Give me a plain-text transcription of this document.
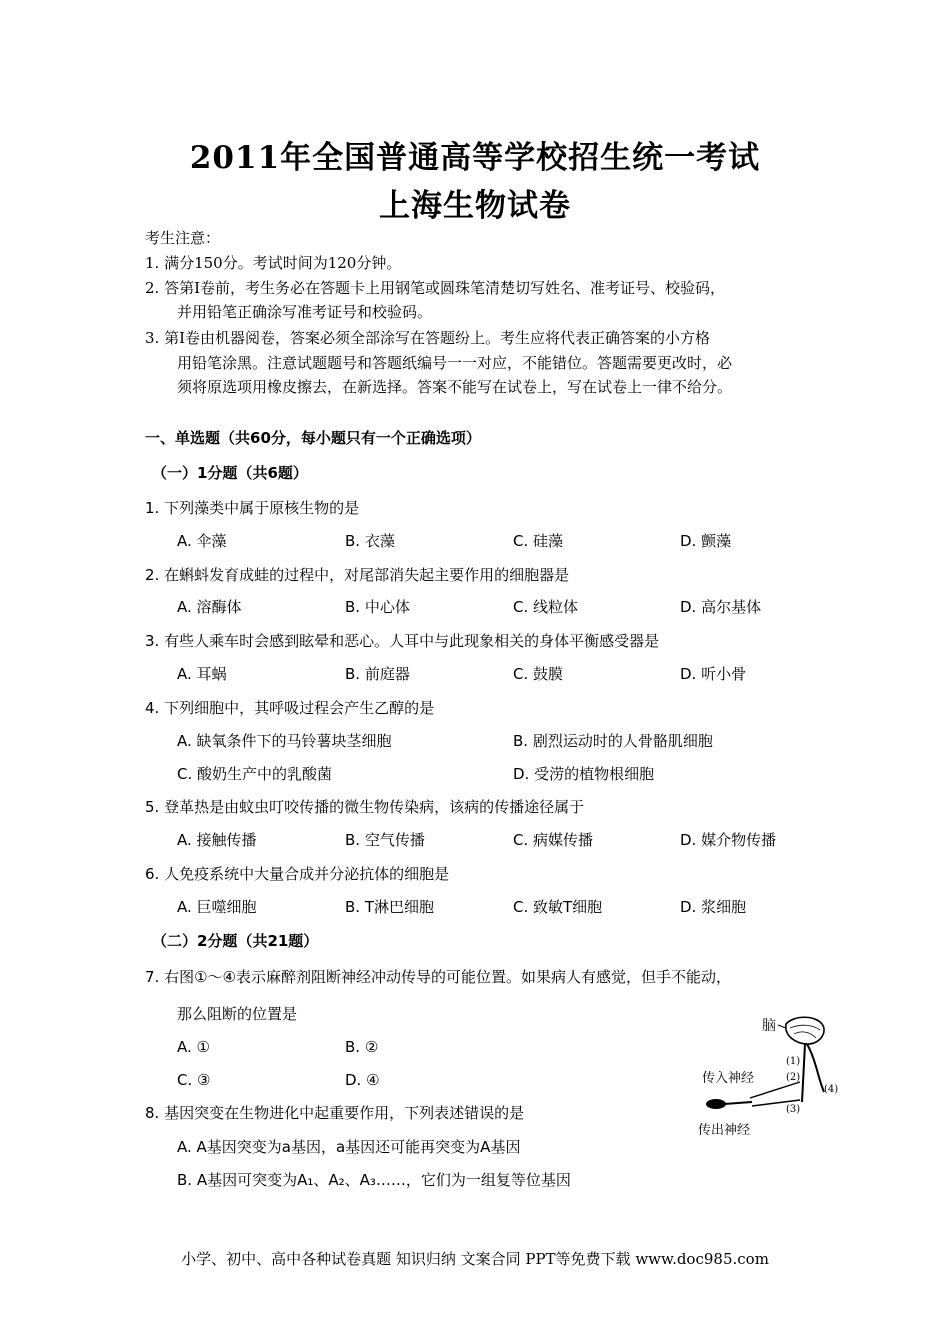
2011年全国普通高等学校招生统一考试
上海生物试卷
考生注意：
1. 满分150分。考试时间为120分钟。
2. 答第Ⅰ卷前，考生务必在答题卡上用钢笔或圆珠笔清楚切写姓名、准考证号、校验码，
并用铅笔正确涂写准考证号和校验码。
3. 第Ⅰ卷由机器阅卷，答案必须全部涂写在答题纷上。考生应将代表正确答案的小方格
用铅笔涂黑。注意试题题号和答题纸编号一一对应，不能错位。答题需要更改时，必
须将原选项用橡皮擦去，在新选择。答案不能写在试卷上，写在试卷上一律不给分。
一、单选题（共60分，每小题只有一个正确选项）
（一）1分题（共6题）
1. 下列藻类中属于原核生物的是
A. 伞藻	B. 衣藻	C. 硅藻	D. 颤藻
2. 在蝌蚪发育成蛙的过程中，对尾部消失起主要作用的细胞器是
A. 溶酶体	B. 中心体	C. 线粒体	D. 高尔基体
3. 有些人乘车时会感到眩晕和恶心。人耳中与此现象相关的身体平衡感受器是
A. 耳蜗	B. 前庭器	C. 鼓膜	D. 听小骨
4. 下列细胞中，其呼吸过程会产生乙醇的是
A. 缺氧条件下的马铃薯块茎细胞	B. 剧烈运动时的人骨骼肌细胞
C. 酸奶生产中的乳酸菌	D. 受涝的植物根细胞
5. 登革热是由蚊虫叮咬传播的微生物传染病，该病的传播途径属于
A. 接触传播	B. 空气传播	C. 病媒传播	D. 媒介物传播
6. 人免疫系统中大量合成并分泌抗体的细胞是
A. 巨噬细胞	B. T淋巴细胞	C. 致敏T细胞	D. 浆细胞
（二）2分题（共21题）
7. 右图①～④表示麻醉剂阻断神经冲动传导的可能位置。如果病人有感觉，但手不能动，
那么阻断的位置是
A. ①	B. ②
C. ③	D. ④
脑
(1)
(2)
(4)
(3)
传入神经
传出神经
8. 基因突变在生物进化中起重要作用，下列表述错误的是
A. A基因突变为a基因，a基因还可能再突变为A基因
B. A基因可突变为A₁、A₂、A₃……，它们为一组复等位基因
小学、初中、高中各种试卷真题 知识归纳 文案合同 PPT等免费下载 www.doc985.com
